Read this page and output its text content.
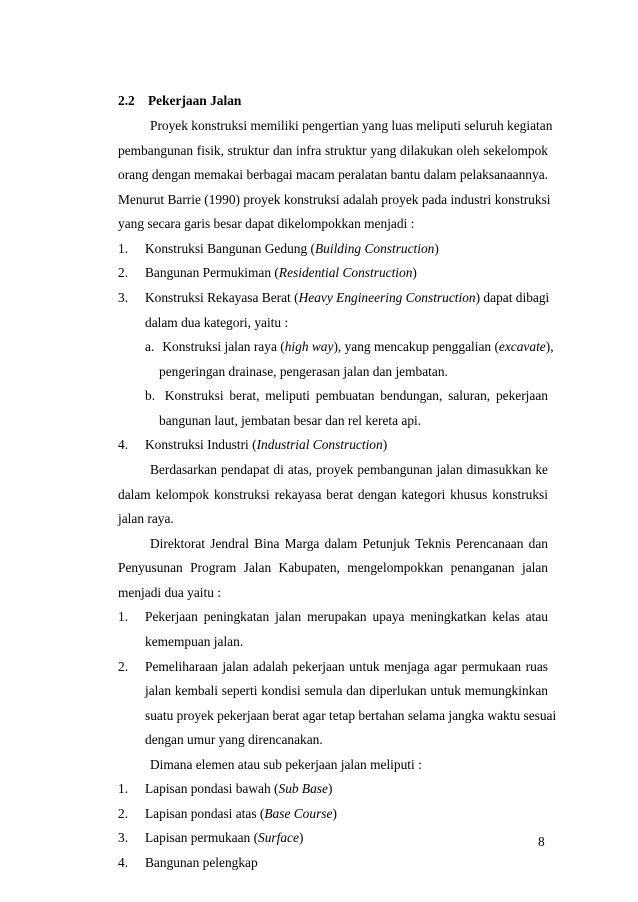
2.2 Pekerjaan Jalan
Proyek konstruksi memiliki pengertian yang luas meliputi seluruh kegiatan
pembangunan fisik, struktur dan infra struktur yang dilakukan oleh sekelompok
orang dengan memakai berbagai macam peralatan bantu dalam pelaksanaannya.
Menurut Barrie (1990) proyek konstruksi adalah proyek pada industri konstruksi
yang secara garis besar dapat dikelompokkan menjadi :
1. Konstruksi Bangunan Gedung (Building Construction)
2. Bangunan Permukiman (Residential Construction)
3. Konstruksi Rekayasa Berat (Heavy Engineering Construction) dapat dibagi
dalam dua kategori, yaitu :
a. Konstruksi jalan raya (high way), yang mencakup penggalian (excavate),
pengeringan drainase, pengerasan jalan dan jembatan.
b. Konstruksi berat, meliputi pembuatan bendungan, saluran, pekerjaan
bangunan laut, jembatan besar dan rel kereta api.
4. Konstruksi Industri (Industrial Construction)
Berdasarkan pendapat di atas, proyek pembangunan jalan dimasukkan ke
dalam kelompok konstruksi rekayasa berat dengan kategori khusus konstruksi
jalan raya.
Direktorat Jendral Bina Marga dalam Petunjuk Teknis Perencanaan dan
Penyusunan Program Jalan Kabupaten, mengelompokkan penanganan jalan
menjadi dua yaitu :
1. Pekerjaan peningkatan jalan merupakan upaya meningkatkan kelas atau
kemempuan jalan.
2. Pemeliharaan jalan adalah pekerjaan untuk menjaga agar permukaan ruas
jalan kembali seperti kondisi semula dan diperlukan untuk memungkinkan
suatu proyek pekerjaan berat agar tetap bertahan selama jangka waktu sesuai
dengan umur yang direncanakan.
Dimana elemen atau sub pekerjaan jalan meliputi :
1. Lapisan pondasi bawah (Sub Base)
2. Lapisan pondasi atas (Base Course)
3. Lapisan permukaan (Surface)
4. Bangunan pelengkap
8
